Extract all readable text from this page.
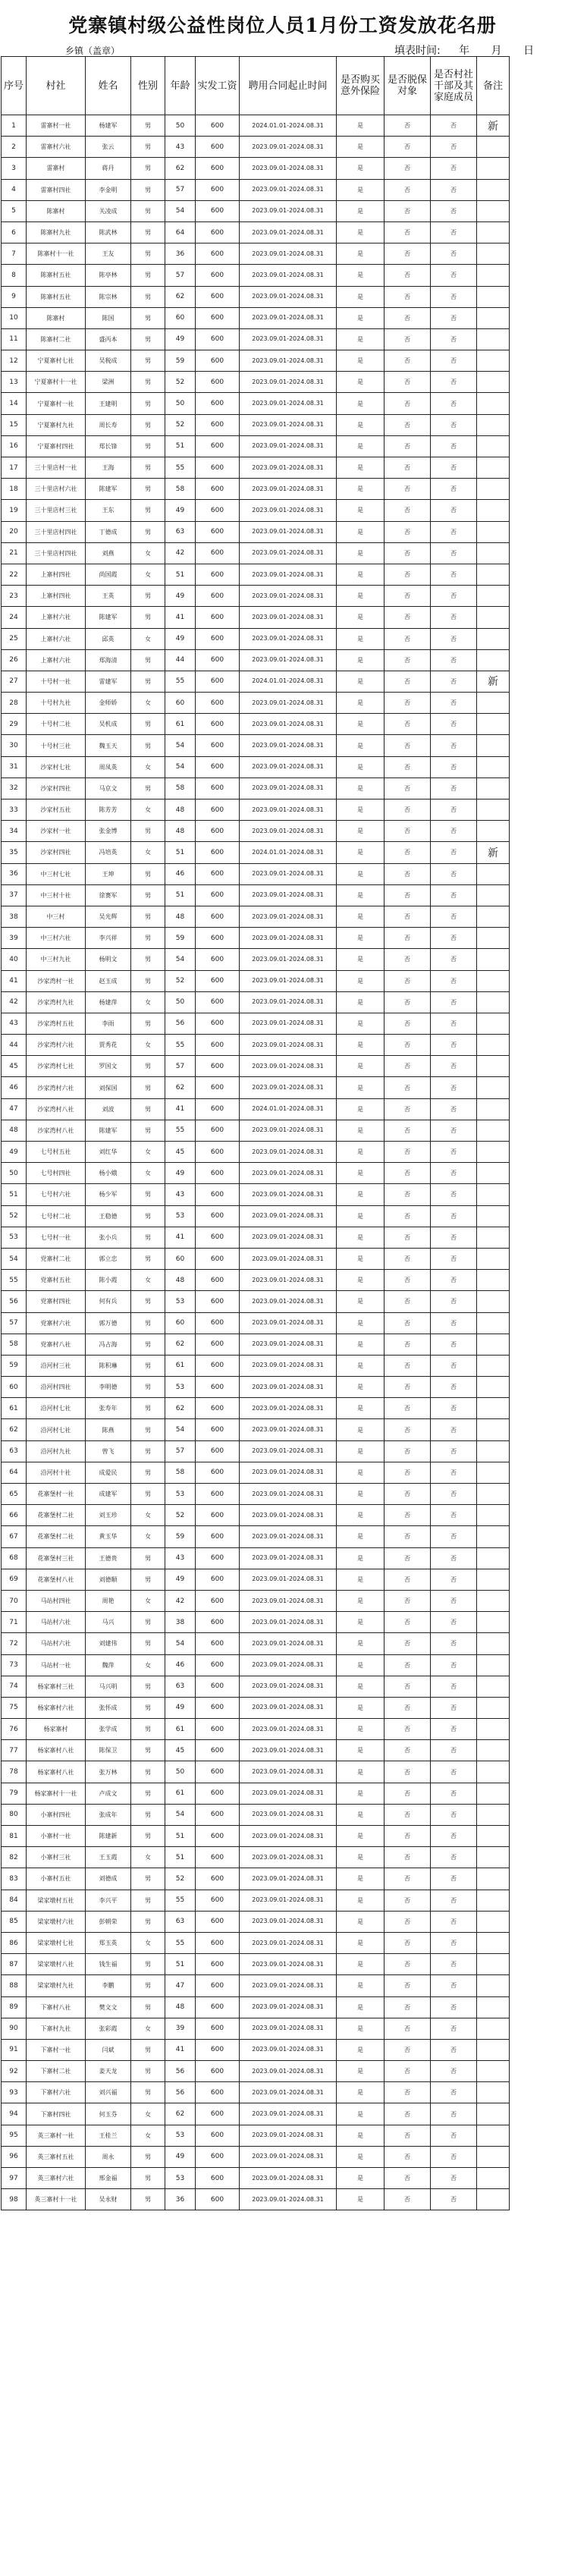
党寨镇村级公益性岗位人员1月份工资发放花名册
乡镇（盖章）	填表时间: 年 月 日
序号	村社	姓名	性别	年龄	实发工资	聘用合同起止时间	是否购买意外保险	是否脱保对象	是否村社干部及其家庭成员	备注
1	雷寨村一社	杨建军	男	50	600	2024.01.01-2024.08.31	是	否	否	新
2	雷寨村六社	张云	男	43	600	2023.09.01-2024.08.31	是	否	否	
3	雷寨村	蒋丹	男	62	600	2023.09.01-2024.08.31	是	否	否	
4	雷寨村四社	李金明	男	57	600	2023.09.01-2024.08.31	是	否	否	
5	陈寨村	关凌成	男	54	600	2023.09.01-2024.08.31	是	否	否	
6	陈寨村九社	陈武林	男	64	600	2023.09.01-2024.08.31	是	否	否	
7	陈寨村十一社	王友	男	36	600	2023.09.01-2024.08.31	是	否	否	
8	陈寨村五社	陈亭林	男	57	600	2023.09.01-2024.08.31	是	否	否	
9	陈寨村五社	陈宗林	男	62	600	2023.09.01-2024.08.31	是	否	否	
10	陈寨村	陈国	男	60	600	2023.09.01-2024.08.31	是	否	否	
11	陈寨村二社	盛丙本	男	49	600	2023.09.01-2024.08.31	是	否	否	
12	宁夏寨村七社	吴税成	男	59	600	2023.09.01-2024.08.31	是	否	否	
13	宁夏寨村十一社	梁洲	男	52	600	2023.09.01-2024.08.31	是	否	否	
14	宁夏寨村一社	王建明	男	50	600	2023.09.01-2024.08.31	是	否	否	
15	宁夏寨村九社	周长寿	男	52	600	2023.09.01-2024.08.31	是	否	否	
16	宁夏寨村四社	郑长锋	男	51	600	2023.09.01-2024.08.31	是	否	否	
17	三十里店村一社	王海	男	55	600	2023.09.01-2024.08.31	是	否	否	
18	三十里店村六社	陈建军	男	58	600	2023.09.01-2024.08.31	是	否	否	
19	三十里店村三社	王东	男	49	600	2023.09.01-2024.08.31	是	否	否	
20	三十里店村四社	丁德成	男	63	600	2023.09.01-2024.08.31	是	否	否	
21	三十里店村四社	刘燕	女	42	600	2023.09.01-2024.08.31	是	否	否	
22	上寨村四社	尚国霞	女	51	600	2023.09.01-2024.08.31	是	否	否	
23	上寨村四社	王英	男	49	600	2023.09.01-2024.08.31	是	否	否	
24	上寨村六社	陈建军	男	41	600	2023.09.01-2024.08.31	是	否	否	
25	上寨村六社	邱英	女	49	600	2023.09.01-2024.08.31	是	否	否	
26	上寨村六社	郑海清	男	44	600	2023.09.01-2024.08.31	是	否	否	
27	十号村一社	雷建军	男	55	600	2024.01.01-2024.08.31	是	否	否	新
28	十号村九社	金师娇	女	60	600	2023.09.01-2024.08.31	是	否	否	
29	十号村二社	吴机成	男	61	600	2023.09.01-2024.08.31	是	否	否	
30	十号村三社	魏玉天	男	54	600	2023.09.01-2024.08.31	是	否	否	
31	沙家村七社	周凤英	女	54	600	2023.09.01-2024.08.31	是	否	否	
32	沙家村四社	马京文	男	58	600	2023.09.01-2024.08.31	是	否	否	
33	沙家村五社	陈芳芳	女	48	600	2023.09.01-2024.08.31	是	否	否	
34	沙家村一社	张金博	男	48	600	2023.09.01-2024.08.31	是	否	否	
35	沙家村四社	冯培英	女	51	600	2024.01.01-2024.08.31	是	否	否	新
36	中三村七社	王坤	男	46	600	2023.09.01-2024.08.31	是	否	否	
37	中三村十社	徐赛军	男	51	600	2023.09.01-2024.08.31	是	否	否	
38	中三村	吴光辉	男	48	600	2023.09.01-2024.08.31	是	否	否	
39	中三村六社	李兴祥	男	59	600	2023.09.01-2024.08.31	是	否	否	
40	中三村九社	杨明文	男	54	600	2023.09.01-2024.08.31	是	否	否	
41	沙家湾村一社	赵玉成	男	52	600	2023.09.01-2024.08.31	是	否	否	
42	沙家湾村九社	杨建萍	女	50	600	2023.09.01-2024.08.31	是	否	否	
43	沙家湾村五社	李雨	男	56	600	2023.09.01-2024.08.31	是	否	否	
44	沙家湾村六社	贾秀花	女	55	600	2023.09.01-2024.08.31	是	否	否	
45	沙家湾村七社	罗国文	男	57	600	2023.09.01-2024.08.31	是	否	否	
46	沙家湾村六社	刘保国	男	62	600	2023.09.01-2024.08.31	是	否	否	
47	沙家湾村八社	刘波	男	41	600	2024.01.01-2024.08.31	是	否	否	
48	沙家湾村八社	陈建军	男	55	600	2023.09.01-2024.08.31	是	否	否	
49	七号村五社	刘红华	女	45	600	2023.09.01-2024.08.31	是	否	否	
50	七号村四社	杨小娥	女	49	600	2023.09.01-2024.08.31	是	否	否	
51	七号村六社	杨少军	男	43	600	2023.09.01-2024.08.31	是	否	否	
52	七号村二社	王稳德	男	53	600	2023.09.01-2024.08.31	是	否	否	
53	七号村一社	张小兵	男	41	600	2023.09.01-2024.08.31	是	否	否	
54	党寨村二社	郭立忠	男	60	600	2023.09.01-2024.08.31	是	否	否	
55	党寨村五社	陈小霞	女	48	600	2023.09.01-2024.08.31	是	否	否	
56	党寨村四社	何有兵	男	53	600	2023.09.01-2024.08.31	是	否	否	
57	党寨村六社	郭万德	男	60	600	2023.09.01-2024.08.31	是	否	否	
58	党寨村八社	冯占海	男	62	600	2023.09.01-2024.08.31	是	否	否	
59	沿河村三社	陈积琳	男	61	600	2023.09.01-2024.08.31	是	否	否	
60	沿河村四社	李明德	男	53	600	2023.09.01-2024.08.31	是	否	否	
61	沿河村七社	张寿年	男	62	600	2023.09.01-2024.08.31	是	否	否	
62	沿河村七社	陈燕	男	54	600	2023.09.01-2024.08.31	是	否	否	
63	沿河村九社	曾飞	男	57	600	2023.09.01-2024.08.31	是	否	否	
64	沿河村十社	成爱民	男	58	600	2023.09.01-2024.08.31	是	否	否	
65	花寨堡村一社	成建军	男	53	600	2023.09.01-2024.08.31	是	否	否	
66	花寨堡村二社	刘玉珍	女	52	600	2023.09.01-2024.08.31	是	否	否	
67	花寨堡村二社	黄玉华	女	59	600	2023.09.01-2024.08.31	是	否	否	
68	花寨堡村三社	王德贵	男	43	600	2023.09.01-2024.08.31	是	否	否	
69	花寨堡村八社	刘德顺	男	49	600	2023.09.01-2024.08.31	是	否	否	
70	马站村四社	周艳	女	42	600	2023.09.01-2024.08.31	是	否	否	
71	马站村六社	马兴	男	38	600	2023.09.01-2024.08.31	是	否	否	
72	马站村六社	刘建伟	男	54	600	2023.09.01-2024.08.31	是	否	否	
73	马站村一社	魏萍	女	46	600	2023.09.01-2024.08.31	是	否	否	
74	杨家寨村三社	马兴明	男	63	600	2023.09.01-2024.08.31	是	否	否	
75	杨家寨村六社	张怀成	男	49	600	2023.09.01-2024.08.31	是	否	否	
76	杨家寨村	张学成	男	61	600	2023.09.01-2024.08.31	是	否	否	
77	杨家寨村八社	陈保卫	男	45	600	2023.09.01-2024.08.31	是	否	否	
78	杨家寨村八社	张万林	男	50	600	2023.09.01-2024.08.31	是	否	否	
79	杨家寨村十一社	卢成文	男	61	600	2023.09.01-2024.08.31	是	否	否	
80	小寨村四社	张成年	男	54	600	2023.09.01-2024.08.31	是	否	否	
81	小寨村一社	陈建新	男	51	600	2023.09.01-2024.08.31	是	否	否	
82	小寨村三社	王玉霞	女	51	600	2023.09.01-2024.08.31	是	否	否	
83	小寨村五社	刘德成	男	52	600	2023.09.01-2024.08.31	是	否	否	
84	梁家墩村五社	李兴平	男	55	600	2023.09.01-2024.08.31	是	否	否	
85	梁家墩村六社	彭朝荣	男	63	600	2023.09.01-2024.08.31	是	否	否	
86	梁家墩村七社	郑玉英	女	55	600	2023.09.01-2024.08.31	是	否	否	
87	梁家墩村八社	钱生福	男	51	600	2023.09.01-2024.08.31	是	否	否	
88	梁家墩村九社	李鹏	男	47	600	2023.09.01-2024.08.31	是	否	否	
89	下寨村八社	樊文文	男	48	600	2023.09.01-2024.08.31	是	否	否	
90	下寨村九社	张彩霞	女	39	600	2023.09.01-2024.08.31	是	否	否	
91	下寨村一社	闫斌	男	41	600	2023.09.01-2024.08.31	是	否	否	
92	下寨村二社	姜天龙	男	56	600	2023.09.01-2024.08.31	是	否	否	
93	下寨村六社	刘兴福	男	56	600	2023.09.01-2024.08.31	是	否	否	
94	下寨村四社	何玉芬	女	62	600	2023.09.01-2024.08.31	是	否	否	
95	英三寨村一社	王桂兰	女	53	600	2023.09.01-2024.08.31	是	否	否	
96	英三寨村五社	周永	男	49	600	2023.09.01-2024.08.31	是	否	否	
97	英三寨村六社	邢金福	男	53	600	2023.09.01-2024.08.31	是	否	否	
98	英三寨村十一社	吴永财	男	36	600	2023.09.01-2024.08.31	是	否	否	
